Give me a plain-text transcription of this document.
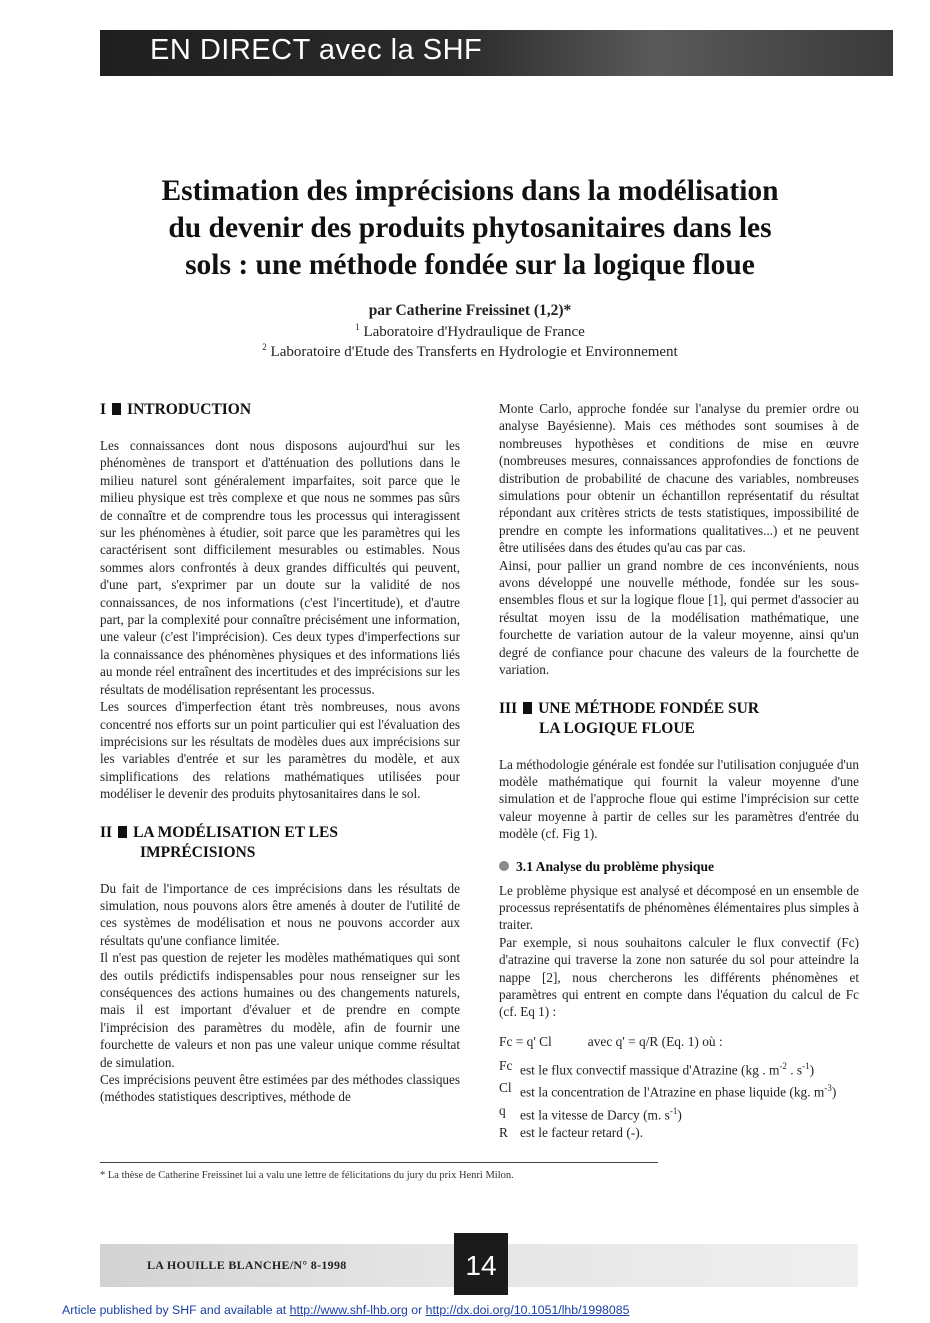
EN DIRECT avec la SHF
Estimation des imprécisions dans la modélisation
du devenir des produits phytosanitaires dans les
sols : une méthode fondée sur la logique floue
par Catherine Freissinet (1,2)*
$^1$ Laboratoire d'Hydraulique de France
$^2$ Laboratoire d'Etude des Transferts en Hydrologie et Environnement
I INTRODUCTION

Les connaissances dont nous disposons aujourd'hui sur les phénomènes de transport et d'atténuation des pollutions dans le milieu naturel sont généralement imparfaites, soit parce que le milieu physique est très complexe et que nous ne sommes pas sûrs de connaître et de comprendre tous les processus qui interagissent sur les phénomènes à étudier, soit parce que les paramètres qui les caractérisent sont difficilement mesurables ou estimables. Nous sommes alors confrontés à deux grandes difficultés qui peuvent, d'une part, s'exprimer par un doute sur la validité de nos connaissances, de nos informations (c'est l'incertitude), et d'autre part, par la complexité pour connaître précisément une information, une valeur (c'est l'imprécision). Ces deux types d'imperfections sur la connaissance des phénomènes physiques et des informations liés au monde réel entraînent des incertitudes et des imprécisions sur les résultats de modélisation représentant les processus.

Les sources d'imperfection étant très nombreuses, nous avons concentré nos efforts sur un point particulier qui est l'évaluation des imprécisions sur les résultats de modèles dues aux imprécisions sur les variables d'entrée et sur les paramètres du modèle, et aux simplifications des relations mathématiques utilisées pour modéliser le devenir des produits phytosanitaires dans le sol.

II LA MODÉLISATION ET LES
IMPRÉCISIONS

Du fait de l'importance de ces imprécisions dans les résultats de simulation, nous pouvons alors être amenés à douter de l'utilité de ces systèmes de modélisation et nous ne pouvons accorder aux résultats qu'une confiance limitée.

Il n'est pas question de rejeter les modèles mathématiques qui sont des outils prédictifs indispensables pour nous renseigner sur les conséquences des actions humaines ou des changements naturels, mais il est important d'évaluer et de prendre en compte l'imprécision des paramètres du modèle, afin de fournir une fourchette de valeurs et non pas une valeur unique comme résultat de simulation.

Ces imprécisions peuvent être estimées par des méthodes classiques (méthodes statistiques descriptives, méthode de

Monte Carlo, approche fondée sur l'analyse du premier ordre ou analyse Bayésienne). Mais ces méthodes sont soumises à de nombreuses hypothèses et conditions de mise en œuvre (nombreuses mesures, connaissances approfondies de fonctions de distribution de probabilité de chacune des variables, nombreuses simulations pour obtenir un échantillon représentatif du résultat répondant aux critères stricts de tests statistiques, impossibilité de prendre en compte les informations qualitatives...) et ne peuvent être utilisées dans des études qu'au cas par cas.

Ainsi, pour pallier un grand nombre de ces inconvénients, nous avons développé une nouvelle méthode, fondée sur les sous-ensembles flous et sur la logique floue [1], qui permet d'associer au résultat moyen issu de la modélisation mathématique, une fourchette de variation autour de la valeur moyenne, ainsi qu'un degré de confiance pour chacune des valeurs de la fourchette de variation.

III UNE MÉTHODE FONDÉE SUR
LA LOGIQUE FLOUE

La méthodologie générale est fondée sur l'utilisation conjuguée d'un modèle mathématique qui fournit la valeur moyenne d'une simulation et de l'approche floue qui estime l'imprécision sur cette valeur moyenne à partir de celles sur les paramètres d'entrée du modèle (cf. Fig 1).

3.1 Analyse du problème physique

Le problème physique est analysé et décomposé en un ensemble de processus représentatifs de phénomènes élémentaires plus simples à traiter.

Par exemple, si nous souhaitons calculer le flux convectif (Fc) d'atrazine qui traverse la zone non saturée du sol pour atteindre la nappe [2], nous chercherons les différents phénomènes et paramètres qui entrent en compte dans l'équation du calcul de Fc (cf. Eq 1) :

Fc = q' Cl	avec q' = q/R (Eq. 1) où :
Fc est le flux convectif massique d'Atrazine (kg . $m^{-2}$ . $s^{-1}$)
Cl est la concentration de l'Atrazine en phase liquide (kg. $m^{-3}$)
q	est la vitesse de Darcy (m. $s^{-1}$)
R est le facteur retard (-).
* La thèse de Catherine Freissinet lui a valu une lettre de félicitations du jury du prix Henri Milon.
LA HOUILLE BLANCHE/N° 8-1998	14
Article published by SHF and available at http://www.shf-lhb.org or http://dx.doi.org/10.1051/lhb/1998085
